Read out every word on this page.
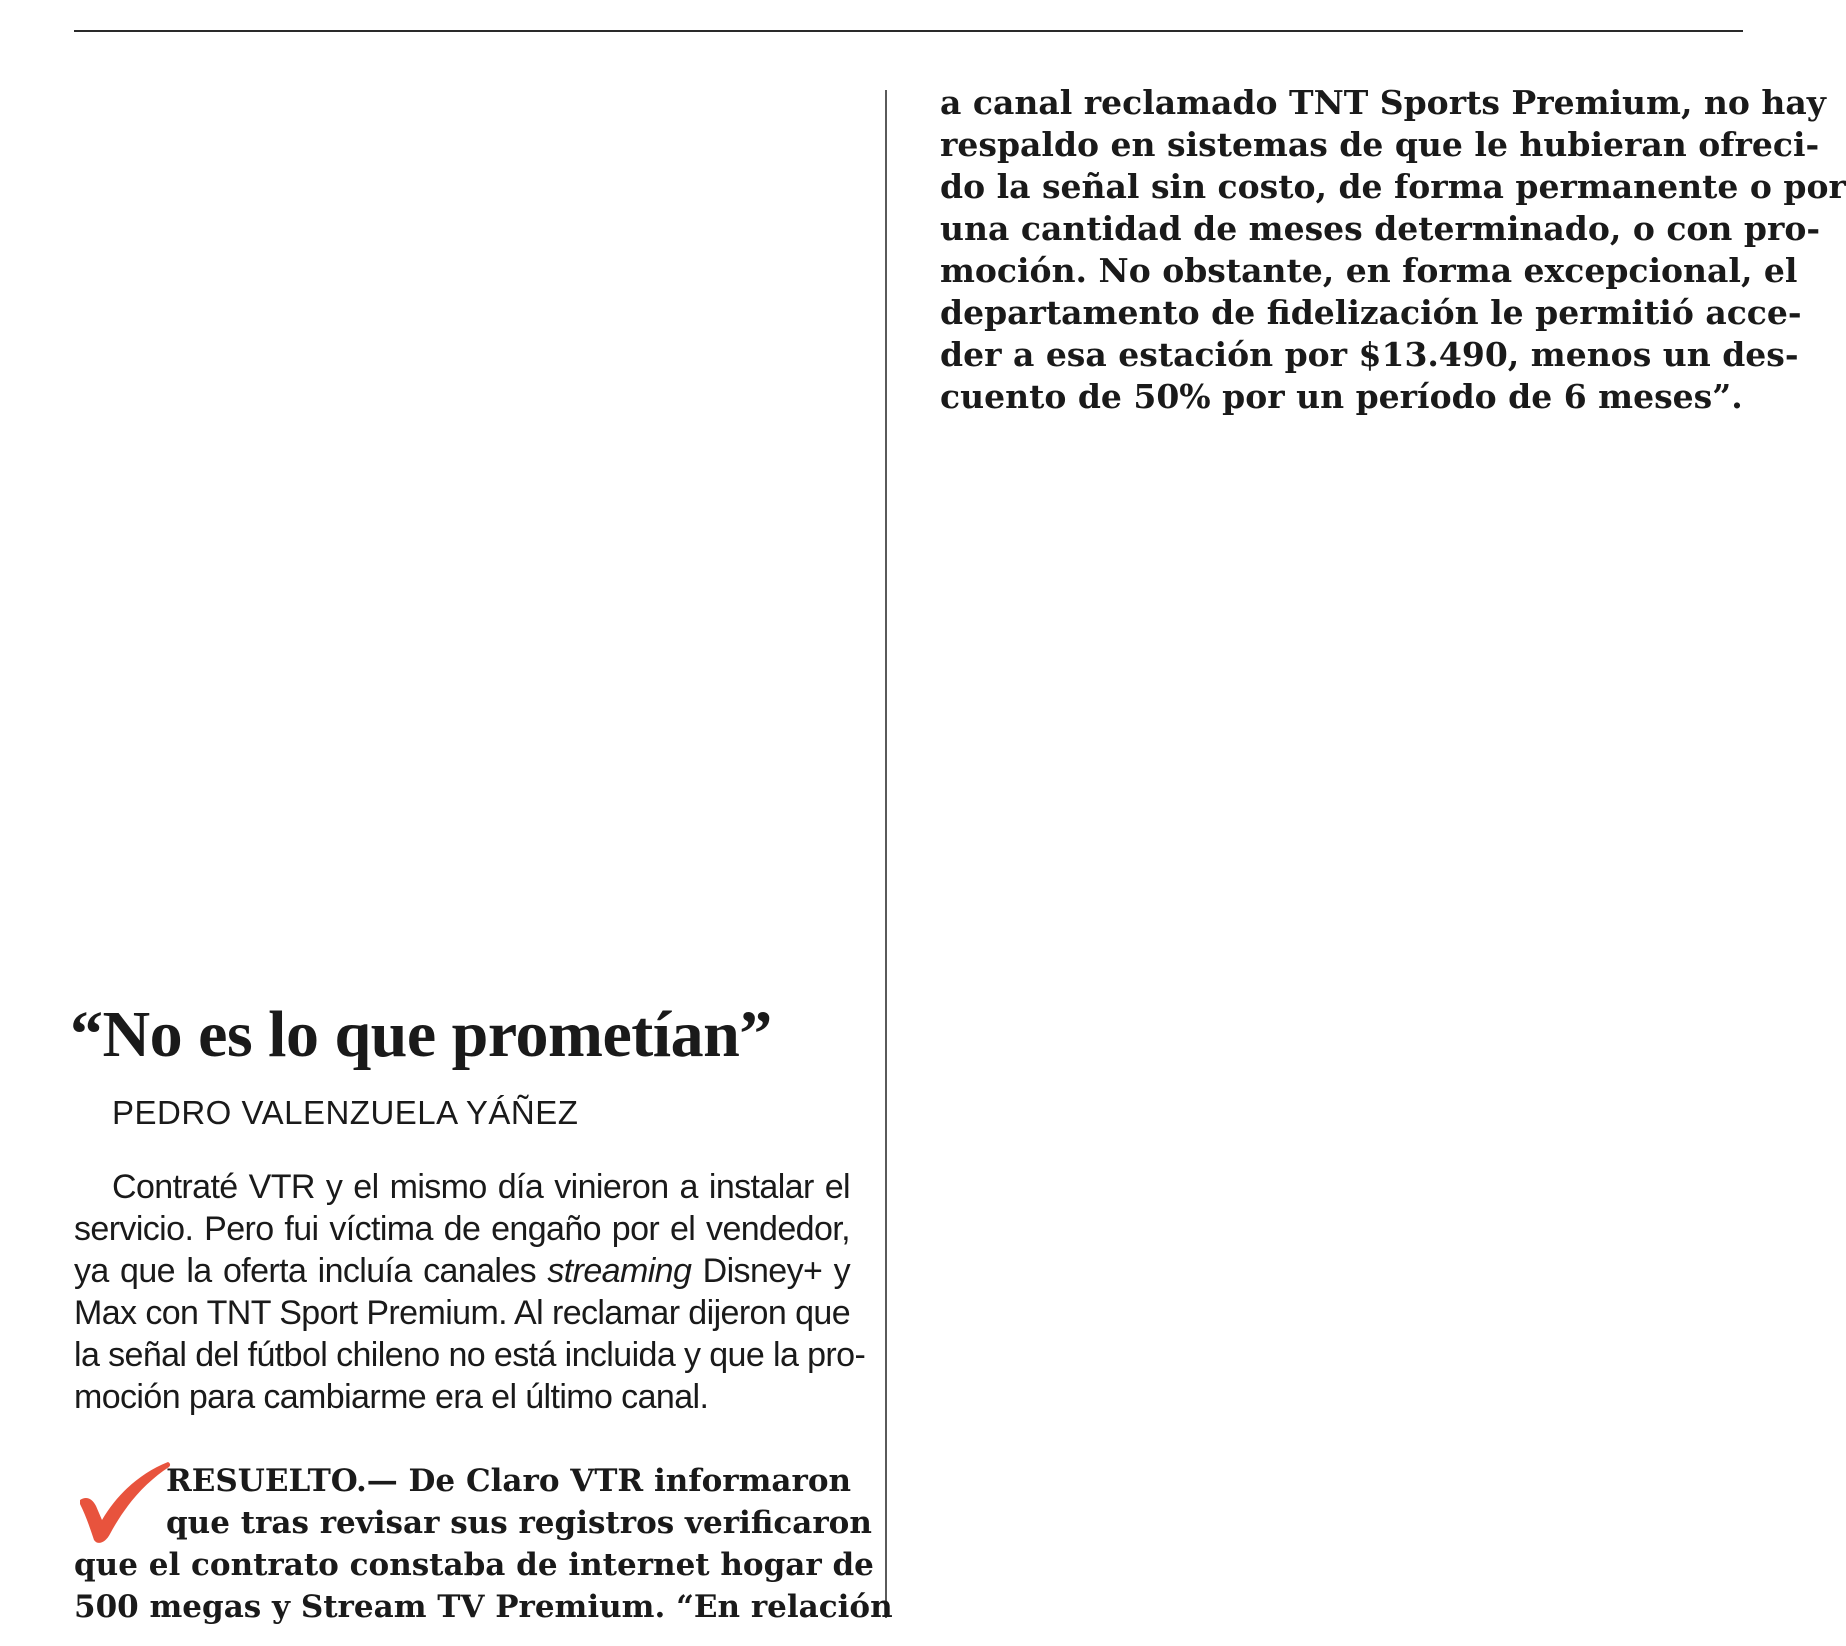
a canal reclamado TNT Sports Premium, no hay
respaldo en sistemas de que le hubieran ofreci-
do la señal sin costo, de forma permanente o por
una cantidad de meses determinado, o con pro-
moción. No obstante, en forma excepcional, el
departamento de fidelización le permitió acce-
der a esa estación por $13.490, menos un des-
cuento de 50% por un período de 6 meses”.
“No es lo que prometían”

PEDRO VALENZUELA YÁÑEZ

Contraté VTR y el mismo día vinieron a instalar el
servicio. Pero fui víctima de engaño por el vendedor,
ya que la oferta incluía canales streaming Disney+ y
Max con TNT Sport Premium. Al reclamar dijeron que
la señal del fútbol chileno no está incluida y que la pro-
moción para cambiarme era el último canal.
RESUELTO.— De Claro VTR informaron
que tras revisar sus registros verificaron
que el contrato constaba de internet hogar de
500 megas y Stream TV Premium. “En relación
